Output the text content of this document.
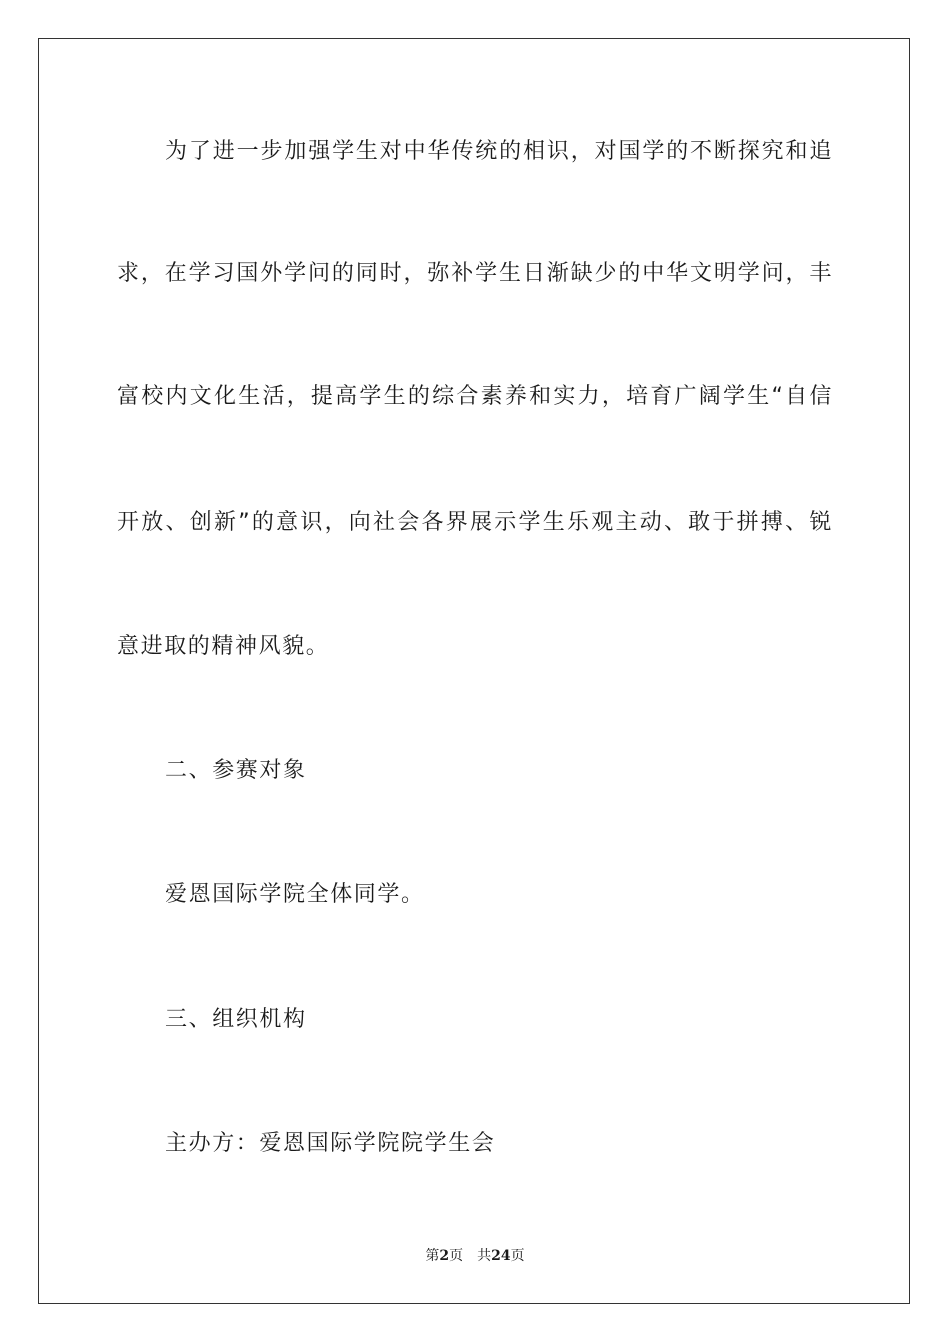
为了进一步加强学生对中华传统的相识，对国学的不断探究和追
求，在学习国外学问的同时，弥补学生日渐缺少的中华文明学问，丰
富校内文化生活，提高学生的综合素养和实力，培育广阔学生“自信
开放、创新”的意识，向社会各界展示学生乐观主动、敢于拼搏、锐
意进取的精神风貌。
二、参赛对象
爱恩国际学院全体同学。
三、组织机构
主办方：爱恩国际学院院学生会
第2页 共24页
